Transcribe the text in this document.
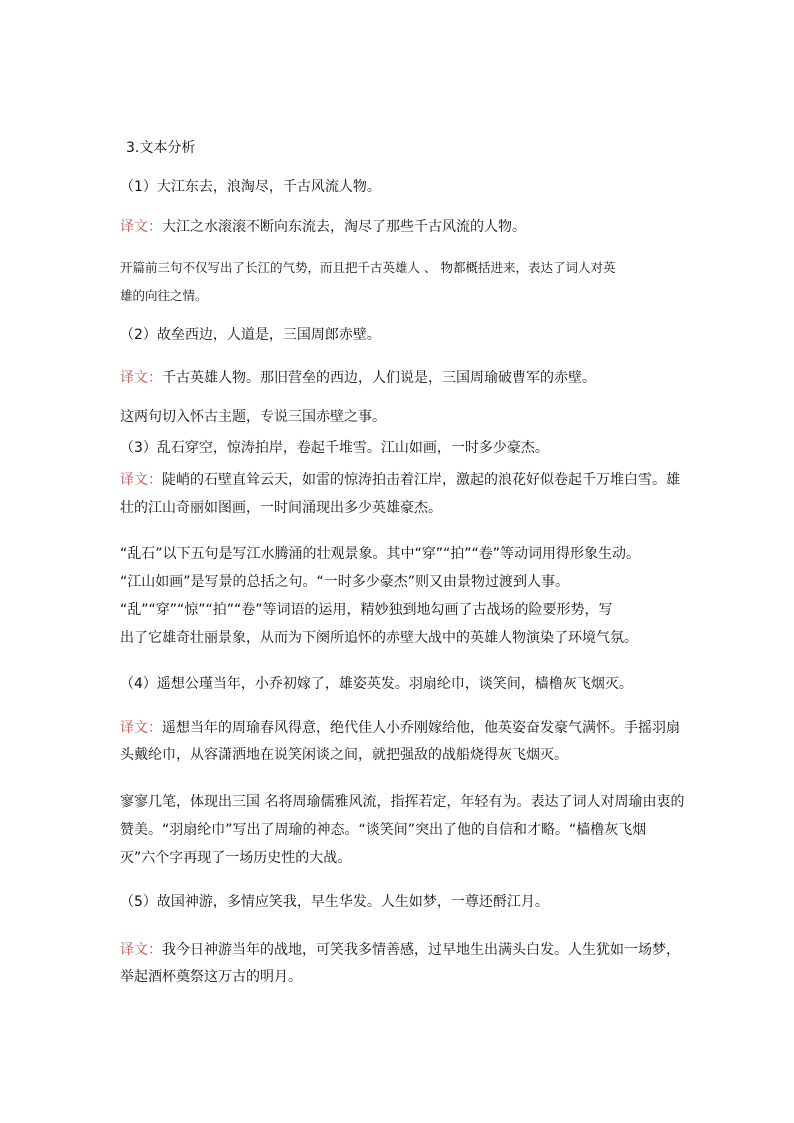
3.文本分析
（1）大江东去，浪淘尽，千古风流人物。
译文：大江之水滚滚不断向东流去，淘尽了那些千古风流的人物。
开篇前三句不仅写出了长江的气势，而且把千古英雄人 、 物都概括进来，表达了词人对英
雄的向往之情。
（2）故垒西边，人道是，三国周郎赤壁。
译文：千古英雄人物。那旧营垒的西边，人们说是，三国周瑜破曹军的赤壁。
这两句切入怀古主题，专说三国赤壁之事。
（3）乱石穿空，惊涛拍岸，卷起千堆雪。江山如画，一时多少豪杰。
译文：陡峭的石壁直耸云天，如雷的惊涛拍击着江岸，激起的浪花好似卷起千万堆白雪。雄
壮的江山奇丽如图画，一时间涌现出多少英雄豪杰。
“乱石”以下五句是写江水腾涌的壮观景象。其中“穿”“拍”“卷”等动词用得形象生动。
“江山如画”是写景的总括之句。“一时多少豪杰”则又由景物过渡到人事。
“乱”“穿”“惊”“拍”“卷”等词语的运用，精妙独到地勾画了古战场的险要形势，写
出了它雄奇壮丽景象，从而为下阕所追怀的赤壁大战中的英雄人物演染了环境气氛。
（4）遥想公瑾当年，小乔初嫁了，雄姿英发。羽扇纶巾，谈笑间，樯橹灰飞烟灭。
译文：遥想当年的周瑜春风得意，绝代佳人小乔刚嫁给他，他英姿奋发豪气满怀。手摇羽扇
头戴纶巾，从容潇洒地在说笑闲谈之间，就把强敌的战船烧得灰飞烟灭。
寥寥几笔，体现出三国 名将周瑜儒雅风流，指挥若定，年轻有为。表达了词人对周瑜由衷的
赞美。“羽扇纶巾”写出了周瑜的神态。“谈笑间”突出了他的自信和才略。“樯橹灰飞烟
灭”六个字再现了一场历史性的大战。
（5）故国神游，多情应笑我，早生华发。人生如梦，一尊还酹江月。
译文：我今日神游当年的战地，可笑我多情善感，过早地生出满头白发。人生犹如一场梦，
举起酒杯奠祭这万古的明月。
